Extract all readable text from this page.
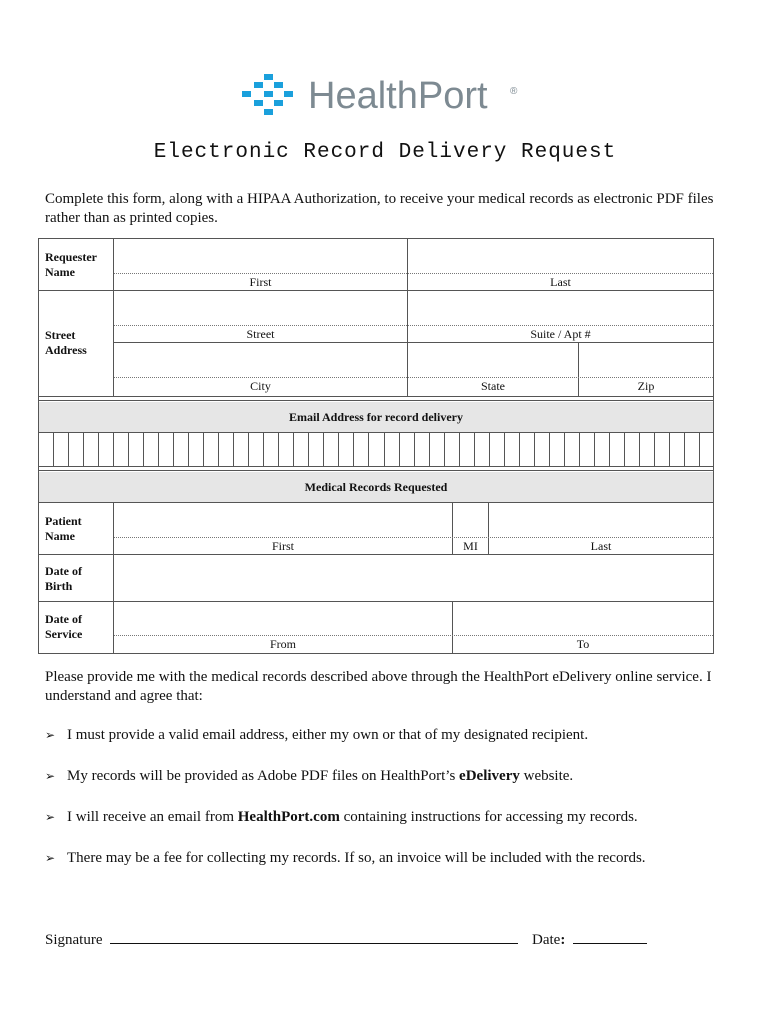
HealthPort ®
Electronic Record Delivery Request
Complete this form, along with a HIPAA Authorization, to receive your medical records as electronic PDF files rather than as printed copies.
Requester Name
First	Last
Street Address
Street	Suite / Apt #
City	State	Zip
Email Address for record delivery
Medical Records Requested
Patient Name
First	MI	Last
Date of Birth
Date of Service
From	To
Please provide me with the medical records described above through the HealthPort eDelivery online service. I understand and agree that:
➢ I must provide a valid email address, either my own or that of my designated recipient.
➢ My records will be provided as Adobe PDF files on HealthPort’s eDelivery website.
➢ I will receive an email from HealthPort.com containing instructions for accessing my records.
➢ There may be a fee for collecting my records. If so, an invoice will be included with the records.
Signature	Date:
